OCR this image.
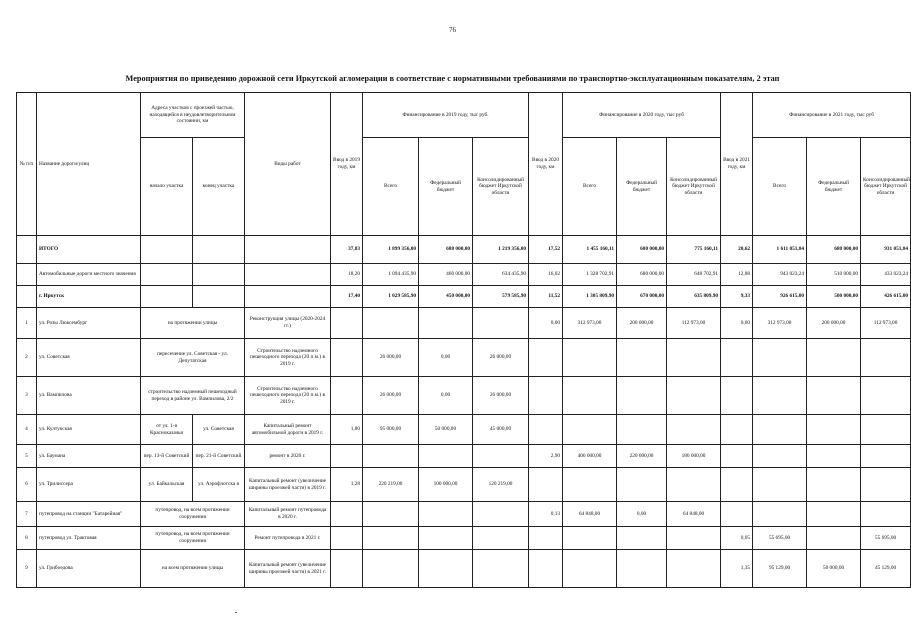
76
Мероприятия по приведению дорожной сети Иркутской агломерации в соответствие с нормативными требованиями по транспортно-эксплуатационным показателям, 2 этап
№ п/п	Название дороги/улиц	Адреса участков с проезжей частью, находящейся в неудовлетворительном состоянии, км		Виды работ	Ввод в 2019 году, км	Финансирование в 2019 году, тыс руб.			Ввод в 2020 году, км	Финансирование в 2020 году, тыс руб			Ввод в 2021 году, км	Финансирование в 2021 году, тыс руб		
		начало участка	конец участка			Всего	Федеральный бюджет	Консолидированный бюджет Иркутской области		Всего	Федеральный бюджет	Консолидированный бюджет Иркутской области		Всего	Федеральный бюджет	Консолидированный бюджет Иркутской области
	ИТОГО				37,83	1 899 356,00	680 000,00	1 219 356,00	17,52	1 455 160,11	680 000,00	775 160,11	20,62	1 611 051,84	680 000,00	931 051,84
	Автомобильные дороги местного значения				18,20	1 094 435,90	460 000,00	634 435,90	16,02	1 328 702,91	680 000,00	648 702,91	12,88	943 023,24	510 000,00	433 023,24
	г. Иркутск				17,40	1 029 585,90	450 000,00	579 585,90	11,52	1 305 809,90	670 000,00	635 809,90	9,33	926 615,00	500 000,00	426 615,00
1	ул. Розы Люксембург	на протяжении улицы		Реконструкция улицы (2020-2024 гг.)					0,00	312 973,00	200 000,00	112 973,00	0,00	312 973,00	200 000,00	112 973,00
2	ул. Советская	пересечение ул. Советская - ул. Депутатская		Строительство надземного пешеходного перехода (20 п.м.) в 2019 г.		26 000,00	0,00	26 000,00								
3	ул. Вампилова	строительство надземный пешеходный переход в районе ул. Вампилова, 2/2		Строительство надземного пешеходного перехода (20 п.м.) в 2019 г.		26 000,00	0,00	26 000,00								
4	ул. Култукская	от ул. 1-я Красноказачья	ул. Советская	Капитальный ремонт автомобильной дороги в 2019 г.	1,80	95 000,00	50 000,00	45 000,00								
5	ул. Баумана	пер. 13-й Советский	пер. 21-й Советский	ремонт в 2020 г.					2,90	400 000,00	220 000,00	180 000,00				
6	ул. Трилиссера	ул. Байкальская	ул. Аэрофлотска я	Капитальный ремонт (увеличение ширины проезжей части) в 2019 г.	1,28	220 219,00	100 000,00	120 219,00								
7	путепровод на станции "Батарейная"	путепровод, на всем протяжении сооружения		Капитальный ремонт путепровода в 2020 г.					0,13	64 848,00	0,00	64 848,00				
8	путепровод ул. Трактовая	путепровод, на всем протяжении сооружения		Ремонт путепровода в 2021 г.									0,05	55 695,00		55 695,00
9	ул. Грибоедова	на всем протяжении улицы		Капитальный ремонт (увеличение ширины проезжей части) в 2021 г.									1,35	95 129,00	50 000,00	45 129,00
